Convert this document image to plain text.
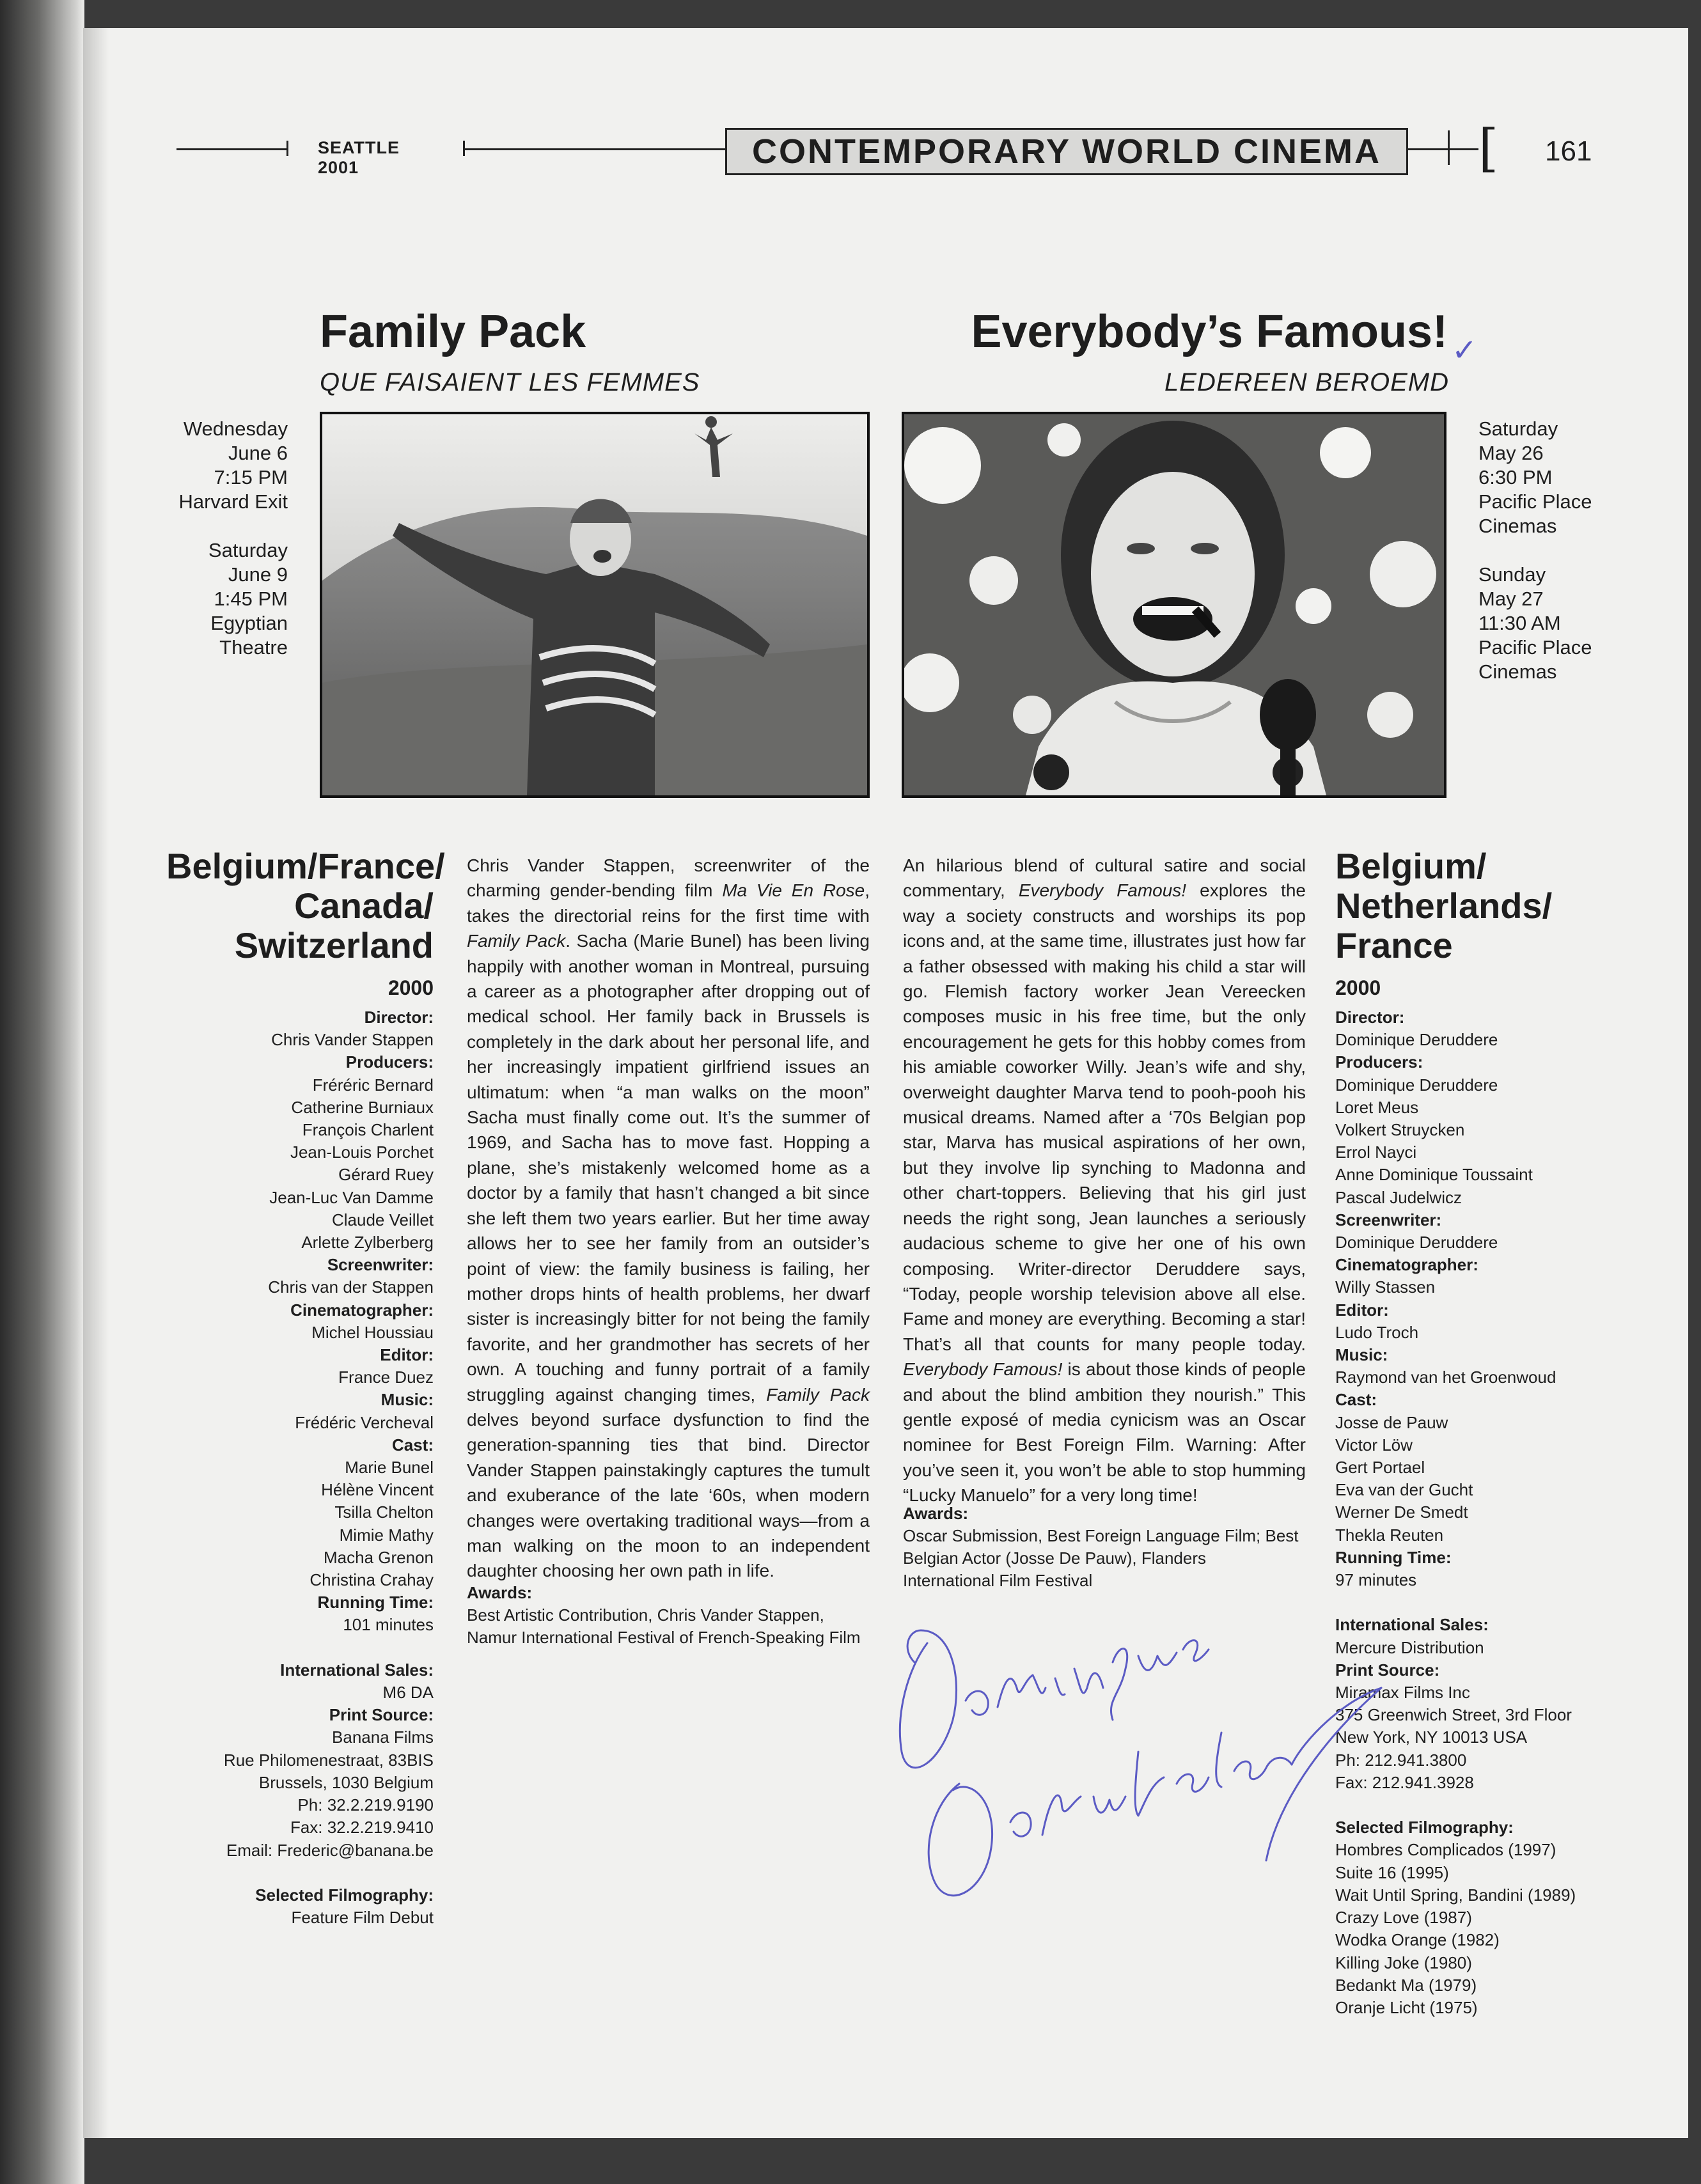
SEATTLE 2001	CONTEMPORARY WORLD CINEMA	[ 161
Family Pack
QUE FAISAIENT LES FEMMES
Everybody’s Famous! ✓
LEDEREEN BEROEMD
Wednesday
June 6
7:15 PM
Harvard Exit
Saturday
June 9
1:45 PM
Egyptian
Theatre
Saturday
May 26
6:30 PM
Pacific Place
Cinemas
Sunday
May 27
11:30 AM
Pacific Place
Cinemas
Belgium/France/
Canada/
Switzerland
2000
Belgium/
Netherlands/
France
2000
Director:
Chris Vander Stappen
Producers:
Fréréric Bernard
Catherine Burniaux
François Charlent
Jean-Louis Porchet
Gérard Ruey
Jean-Luc Van Damme
Claude Veillet
Arlette Zylberberg
Screenwriter:
Chris van der Stappen
Cinematographer:
Michel Houssiau
Editor:
France Duez
Music:
Frédéric Vercheval
Cast:
Marie Bunel
Hélène Vincent
Tsilla Chelton
Mimie Mathy
Macha Grenon
Christina Crahay
Running Time:
101 minutes
International Sales:
M6 DA
Print Source:
Banana Films
Rue Philomenestraat, 83BIS
Brussels, 1030 Belgium
Ph: 32.2.219.9190
Fax: 32.2.219.9410
Email: Frederic@banana.be
Selected Filmography:
Feature Film Debut
Director:
Dominique Deruddere
Producers:
Dominique Deruddere
Loret Meus
Volkert Struycken
Errol Nayci
Anne Dominique Toussaint
Pascal Judelwicz
Screenwriter:
Dominique Deruddere
Cinematographer:
Willy Stassen
Editor:
Ludo Troch
Music:
Raymond van het Groenwoud
Cast:
Josse de Pauw
Victor Löw
Gert Portael
Eva van der Gucht
Werner De Smedt
Thekla Reuten
Running Time:
97 minutes
International Sales:
Mercure Distribution
Print Source:
Miramax Films Inc
375 Greenwich Street, 3rd Floor
New York, NY 10013 USA
Ph: 212.941.3800
Fax: 212.941.3928
Selected Filmography:
Hombres Complicados (1997)
Suite 16 (1995)
Wait Until Spring, Bandini (1989)
Crazy Love (1987)
Wodka Orange (1982)
Killing Joke (1980)
Bedankt Ma (1979)
Oranje Licht (1975)
Chris Vander Stappen, screenwriter of the charming gender-bending film Ma Vie En Rose, takes the directorial reins for the first time with Family Pack. Sacha (Marie Bunel) has been living happily with another woman in Montreal, pursuing a career as a photographer after dropping out of medical school. Her family back in Brussels is completely in the dark about her personal life, and her increasingly impatient girlfriend issues an ultimatum: when “a man walks on the moon” Sacha must finally come out. It’s the summer of 1969, and Sacha has to move fast. Hopping a plane, she’s mistakenly welcomed home as a doctor by a family that hasn’t changed a bit since she left them two years earlier. But her time away allows her to see her family from an outsider’s point of view: the family business is failing, her mother drops hints of health problems, her dwarf sister is increasingly bitter for not being the family favorite, and her grandmother has secrets of her own. A touching and funny portrait of a family struggling against changing times, Family Pack delves beyond surface dysfunction to find the generation-spanning ties that bind. Director Vander Stappen painstakingly captures the tumult and exuberance of the late ‘60s, when modern changes were overtaking traditional ways—from a man walking on the moon to an independent daughter choosing her own path in life.
An hilarious blend of cultural satire and social commentary, Everybody Famous! explores the way a society constructs and worships its pop icons and, at the same time, illustrates just how far a father obsessed with making his child a star will go. Flemish factory worker Jean Vereecken composes music in his free time, but the only encouragement he gets for this hobby comes from his amiable coworker Willy. Jean’s wife and shy, overweight daughter Marva tend to pooh-pooh his musical dreams. Named after a ‘70s Belgian pop star, Marva has musical aspirations of her own, but they involve lip synching to Madonna and other chart-toppers. Believing that his girl just needs the right song, Jean launches a seriously audacious scheme to give her one of his own composing. Writer-director Deruddere says, “Today, people worship television above all else. Fame and money are everything. Becoming a star! That’s all that counts for many people today. Everybody Famous! is about those kinds of people and about the blind ambition they nourish.” This gentle exposé of media cynicism was an Oscar nominee for Best Foreign Film. Warning: After you’ve seen it, you won’t be able to stop humming “Lucky Manuelo” for a very long time!
Awards:
Best Artistic Contribution, Chris Vander Stappen, Namur International Festival of French-Speaking Film
Awards:
Oscar Submission, Best Foreign Language Film; Best Belgian Actor (Josse De Pauw), Flanders International Film Festival
